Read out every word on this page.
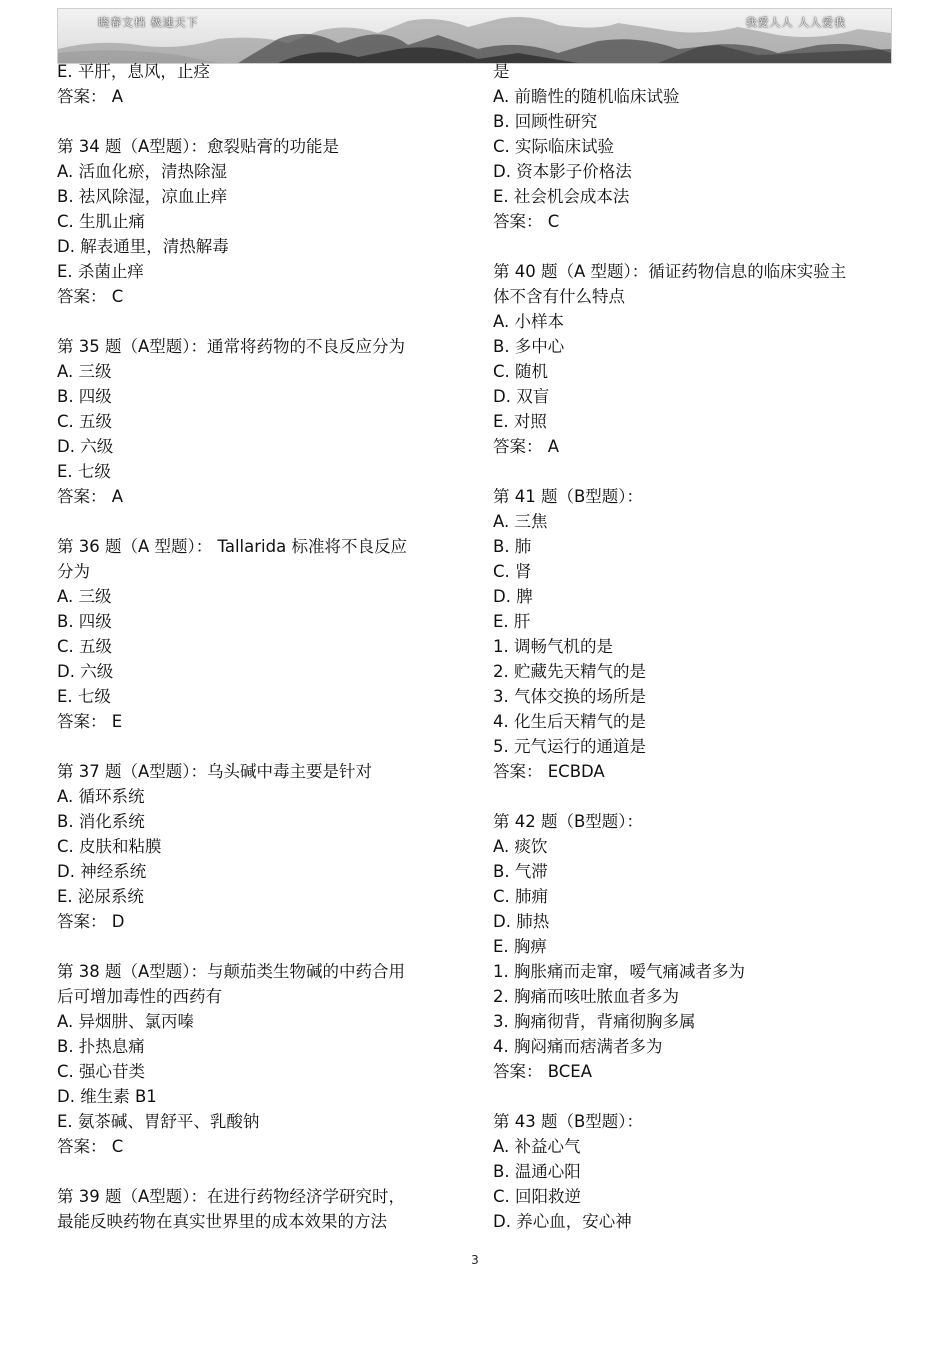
晓春文档 极速天下	我爱人人 人人爱我
E. 平肝，息风，止痉
答案： A
第 34 题（A型题）：愈裂贴膏的功能是
A. 活血化瘀，清热除湿
B. 祛风除湿，凉血止痒
C. 生肌止痛
D. 解表通里，清热解毒
E. 杀菌止痒
答案： C
第 35 题（A型题）：通常将药物的不良反应分为
A. 三级
B. 四级
C. 五级
D. 六级
E. 七级
答案： A
第 36 题（A 型题）： Tallarida 标准将不良反应
分为
A. 三级
B. 四级
C. 五级
D. 六级
E. 七级
答案： E
第 37 题（A型题）：乌头碱中毒主要是针对
A. 循环系统
B. 消化系统
C. 皮肤和粘膜
D. 神经系统
E. 泌尿系统
答案： D
第 38 题（A型题）：与颠茄类生物碱的中药合用
后可增加毒性的西药有
A. 异烟肼、氯丙嗪
B. 扑热息痛
C. 强心苷类
D. 维生素 B1
E. 氨茶碱、胃舒平、乳酸钠
答案： C
第 39 题（A型题）：在进行药物经济学研究时，
最能反映药物在真实世界里的成本效果的方法
是
A. 前瞻性的随机临床试验
B. 回顾性研究
C. 实际临床试验
D. 资本影子价格法
E. 社会机会成本法
答案： C
第 40 题（A 型题）：循证药物信息的临床实验主
体不含有什么特点
A. 小样本
B. 多中心
C. 随机
D. 双盲
E. 对照
答案： A
第 41 题（B型题）：
A. 三焦
B. 肺
C. 肾
D. 脾
E. 肝
1. 调畅气机的是
2. 贮藏先天精气的是
3. 气体交换的场所是
4. 化生后天精气的是
5. 元气运行的通道是
答案： ECBDA
第 42 题（B型题）：
A. 痰饮
B. 气滞
C. 肺痈
D. 肺热
E. 胸痹
1. 胸胀痛而走窜，嗳气痛减者多为
2. 胸痛而咳吐脓血者多为
3. 胸痛彻背，背痛彻胸多属
4. 胸闷痛而痞满者多为
答案： BCEA
第 43 题（B型题）：
A. 补益心气
B. 温通心阳
C. 回阳救逆
D. 养心血，安心神
3
